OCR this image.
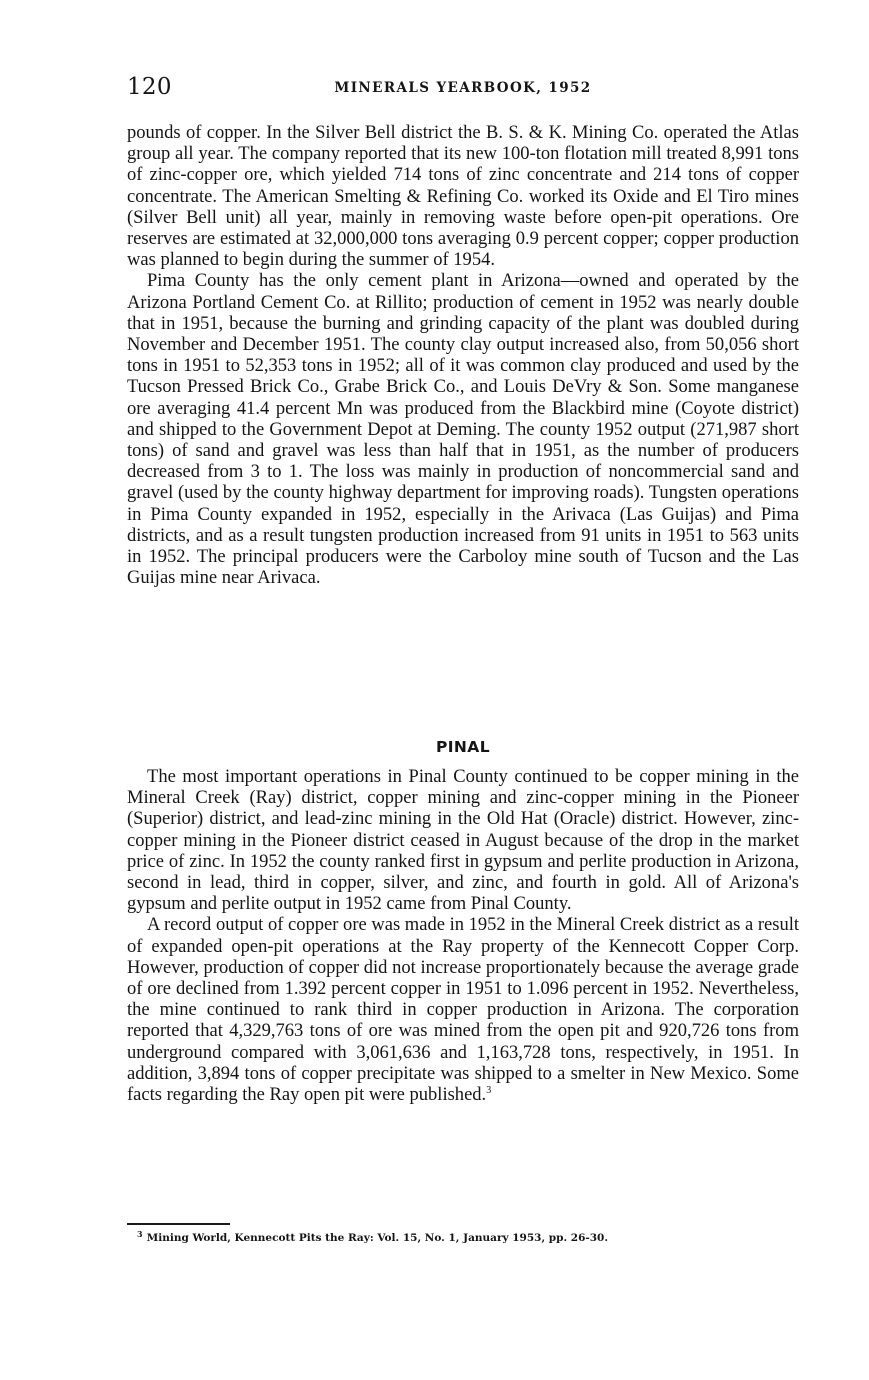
120	MINERALS YEARBOOK, 1952

pounds of copper. In the Silver Bell district the B. S. & K. Mining Co. operated the Atlas group all year. The company reported that its new 100-ton flotation mill treated 8,991 tons of zinc-copper ore, which yielded 714 tons of zinc concentrate and 214 tons of copper concentrate. The American Smelting & Refining Co. worked its Oxide and El Tiro mines (Silver Bell unit) all year, mainly in removing waste before open-pit operations. Ore reserves are estimated at 32,000,000 tons averaging 0.9 percent copper; copper production was planned to begin during the summer of 1954.

Pima County has the only cement plant in Arizona—owned and operated by the Arizona Portland Cement Co. at Rillito; production of cement in 1952 was nearly double that in 1951, because the burning and grinding capacity of the plant was doubled during November and December 1951. The county clay output increased also, from 50,056 short tons in 1951 to 52,353 tons in 1952; all of it was common clay produced and used by the Tucson Pressed Brick Co., Grabe Brick Co., and Louis DeVry & Son. Some manganese ore averaging 41.4 percent Mn was produced from the Blackbird mine (Coyote district) and shipped to the Government Depot at Deming. The county 1952 output (271,987 short tons) of sand and gravel was less than half that in 1951, as the number of producers decreased from 3 to 1. The loss was mainly in production of noncommercial sand and gravel (used by the county highway department for improving roads). Tungsten operations in Pima County expanded in 1952, especially in the Arivaca (Las Guijas) and Pima districts, and as a result tungsten production increased from 91 units in 1951 to 563 units in 1952. The principal producers were the Carboloy mine south of Tucson and the Las Guijas mine near Arivaca.

PINAL

The most important operations in Pinal County continued to be copper mining in the Mineral Creek (Ray) district, copper mining and zinc-copper mining in the Pioneer (Superior) district, and lead-zinc mining in the Old Hat (Oracle) district. However, zinc-copper mining in the Pioneer district ceased in August because of the drop in the market price of zinc. In 1952 the county ranked first in gypsum and perlite production in Arizona, second in lead, third in copper, silver, and zinc, and fourth in gold. All of Arizona's gypsum and perlite output in 1952 came from Pinal County.

A record output of copper ore was made in 1952 in the Mineral Creek district as a result of expanded open-pit operations at the Ray property of the Kennecott Copper Corp. However, production of copper did not increase proportionately because the average grade of ore declined from 1.392 percent copper in 1951 to 1.096 percent in 1952. Nevertheless, the mine continued to rank third in copper production in Arizona. The corporation reported that 4,329,763 tons of ore was mined from the open pit and 920,726 tons from underground compared with 3,061,636 and 1,163,728 tons, respectively, in 1951. In addition, 3,894 tons of copper precipitate was shipped to a smelter in New Mexico. Some facts regarding the Ray open pit were published.$^3$

$^3$ Mining World, Kennecott Pits the Ray: Vol. 15, No. 1, January 1953, pp. 26-30.
